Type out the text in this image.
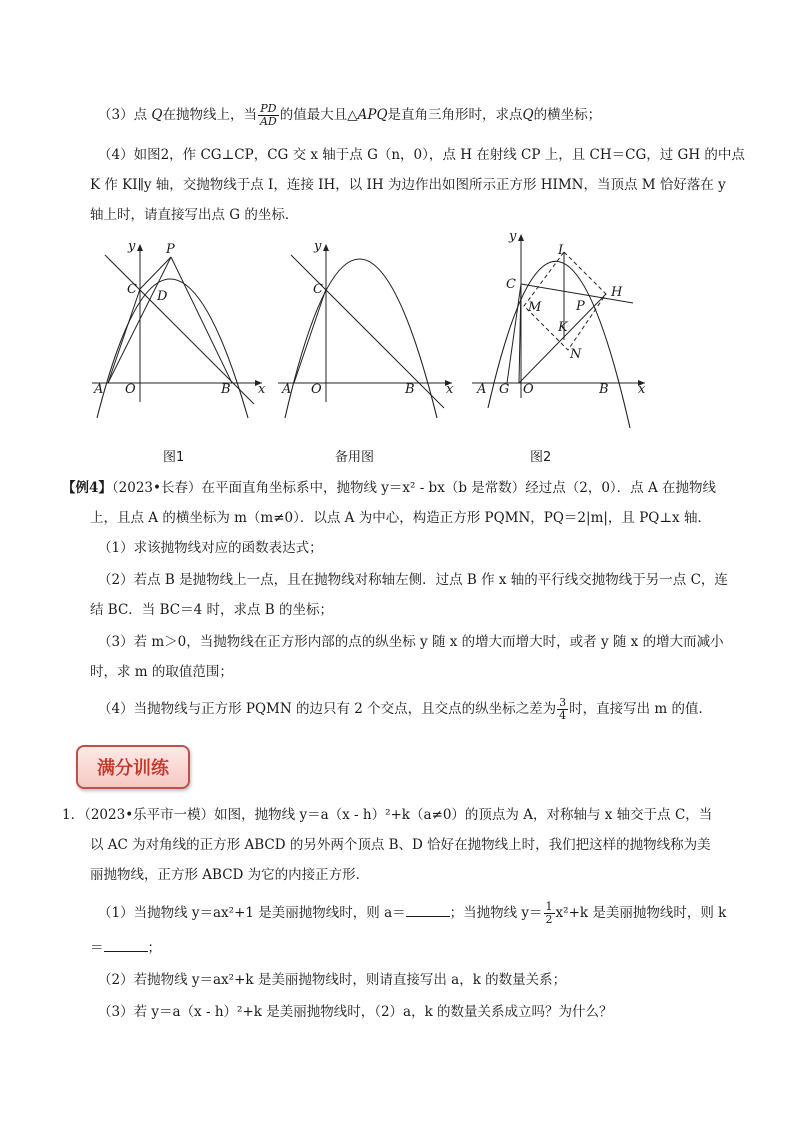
（3）点 Q在抛物线上，当 $\frac{PD}{AD}$ 的值最大且△APQ是直角三角形时，求点Q的横坐标；
（4）如图2，作 CG⊥CP，CG 交 x 轴于点 G（n，0），点 H 在射线 CP 上，且 CH＝CG，过 GH 的中点
K 作 KI∥y 轴，交抛物线于点 I，连接 IH，以 IH 为边作出如图所示正方形 HIMN，当顶点 M 恰好落在 y
轴上时，请直接写出点 G 的坐标．
y
x
O
A	B
C
P
D
y
x
O
A	B
C
y
x
O
A G	B
C
I
H
P
M
K
N
图1	备用图	图2
【例4】（2023•长春）在平面直角坐标系中，抛物线 y＝x² - bx（b 是常数）经过点（2，0）．点 A 在抛物线
上，且点 A 的横坐标为 m（m≠0）．以点 A 为中心，构造正方形 PQMN，PQ＝2|m|，且 PQ⊥x 轴．
（1）求该抛物线对应的函数表达式；
（2）若点 B 是抛物线上一点，且在抛物线对称轴左侧．过点 B 作 x 轴的平行线交抛物线于另一点 C，连
结 BC．当 BC＝4 时，求点 B 的坐标；
（3）若 m＞0，当抛物线在正方形内部的点的纵坐标 y 随 x 的增大而增大时，或者 y 随 x 的增大而减小
时，求 m 的取值范围；
（4）当抛物线与正方形 PQMN 的边只有 2 个交点，且交点的纵坐标之差为 $\frac{3}{4}$ 时，直接写出 m 的值．
满分训练
1．（2023•乐平市一模）如图，抛物线 y＝a（x - h）²+k（a≠0）的顶点为 A，对称轴与 x 轴交于点 C，当
以 AC 为对角线的正方形 ABCD 的另外两个顶点 B、D 恰好在抛物线上时，我们把这样的抛物线称为美
丽抛物线，正方形 ABCD 为它的内接正方形．
（1）当抛物线 y＝ax²+1 是美丽抛物线时，则 a＝	；当抛物线 $y= \frac{1}{2} x^2+k$ 是美丽抛物线时，则 k
＝	；
（2）若抛物线 y＝ax²+k 是美丽抛物线时，则请直接写出 a，k 的数量关系；
（3）若 y＝a（x - h）²+k 是美丽抛物线时，（2）a，k 的数量关系成立吗？为什么？
